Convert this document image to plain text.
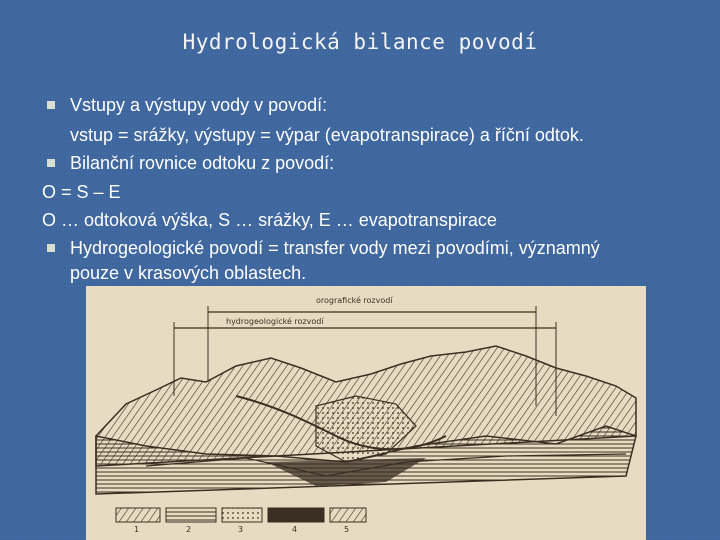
Hydrologická bilance povodí
Vstupy a výstupy vody v povodí:
vstup = srážky, výstupy = výpar (evapotranspirace) a říční odtok.
Bilanční rovnice odtoku z povodí:
O = S – E
O … odtoková výška, S … srážky, E … evapotranspirace
Hydrogeologické povodí = transfer vody mezi povodími, významný
pouze v krasových oblastech.
orografické rozvodí
hydrogeologické rozvodí
1	2	3	4	5
